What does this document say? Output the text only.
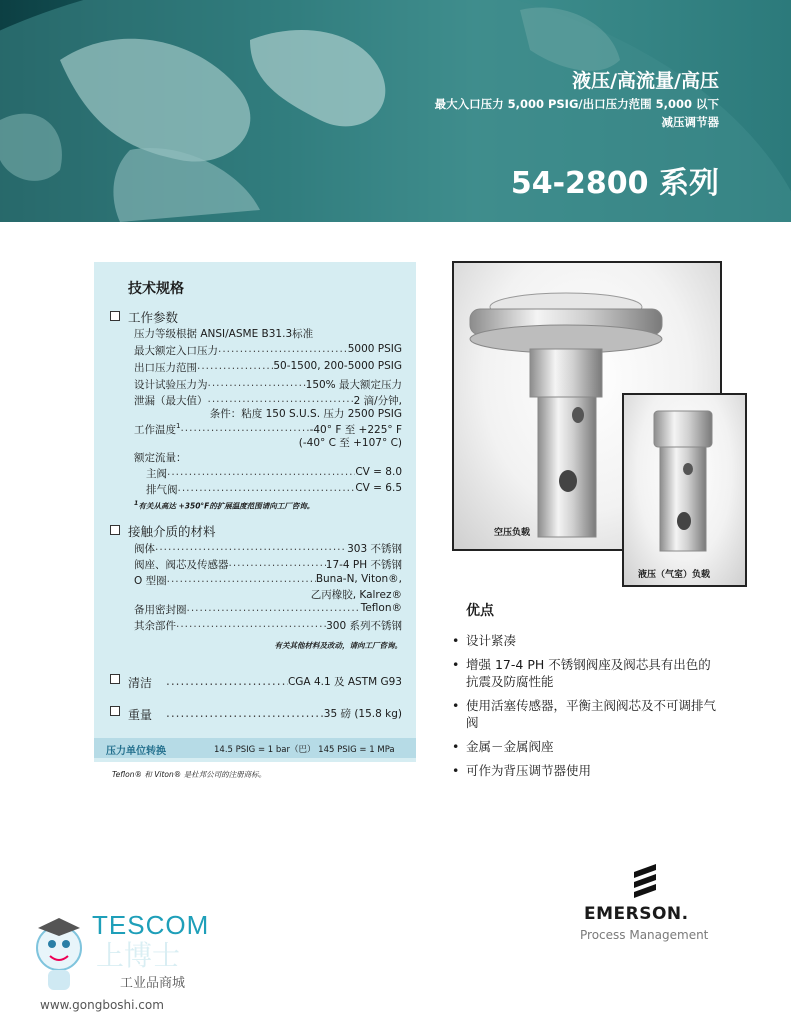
液压/高流量/高压
最大入口压力 5,000 PSIG/出口压力范围 5,000 以下
减压调节器
54-2800 系列
技术规格
工作参数
压力等级根据 ANSI/ASME B31.3标准
最大额定入口压力 .....	5000 PSIG
出口压力范围 .....	50-1500, 200-5000 PSIG
设计试验压力为 .....	150% 最大额定压力
泄漏（最大值） .....	2 滴/分钟,
条件：粘度 150 S.U.S. 压力 2500 PSIG
工作温度 1 .....	-40° F 至 +225° F
(-40° C 至 +107° C)
额定流量：
主阀 .....	CV = 8.0
排气阀 .....	CV = 6.5
$^1$有关从高达 +350°F的扩展温度范围请向工厂咨询。
接触介质的材料
阀体 .....	303 不锈钢
阀座、阀芯及传感器 .....	17-4 PH 不锈钢
O 型圈 .....	Buna-N, Viton®,
乙丙橡胶, Kalrez®
备用密封圈 .....	Teflon®
其余部件 .....	300 系列不锈钢
有关其他材料及改动，请向工厂咨询。
清洁 .....	CGA 4.1 及 ASTM G93
重量 .....	35 磅 (15.8 kg)
压力单位转换	14.5 PSIG = 1 bar（巴） 145 PSIG = 1 MPa
Teflon® 和 Viton® 是杜邦公司的注册商标。
空压负载
液压（气室）负载
优点
• 设计紧凑
• 增强 17-4 PH 不锈钢阀座及阀芯具有出色的抗震及防腐性能
• 使用活塞传感器，平衡主阀阀芯及不可调排气阀
• 金属－金属阀座
• 可作为背压调节器使用
EMERSON.
Process Management
TESCOM
上博士
工业品商城
www.gongboshi.com
